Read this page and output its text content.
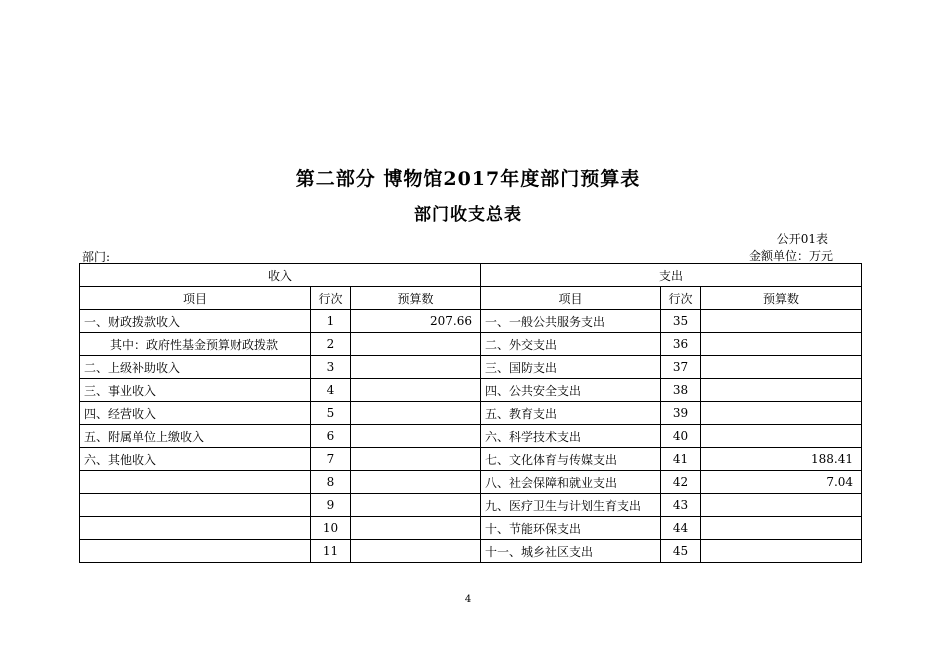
第二部分 博物馆2017年度部门预算表
部门收支总表
公开01表
部门:	金额单位：万元
收入			支出		
项目	行次	预算数	项目	行次	预算数
一、财政拨款收入	1	207.66	一、一般公共服务支出	35	
其中：政府性基金预算财政拨款	2		二、外交支出	36	
二、上级补助收入	3		三、国防支出	37	
三、事业收入	4		四、公共安全支出	38	
四、经营收入	5		五、教育支出	39	
五、附属单位上缴收入	6		六、科学技术支出	40	
六、其他收入	7		七、文化体育与传媒支出	41	188.41
	8		八、社会保障和就业支出	42	7.04
	9		九、医疗卫生与计划生育支出	43	
	10		十、节能环保支出	44	
	11		十一、城乡社区支出	45	
4
